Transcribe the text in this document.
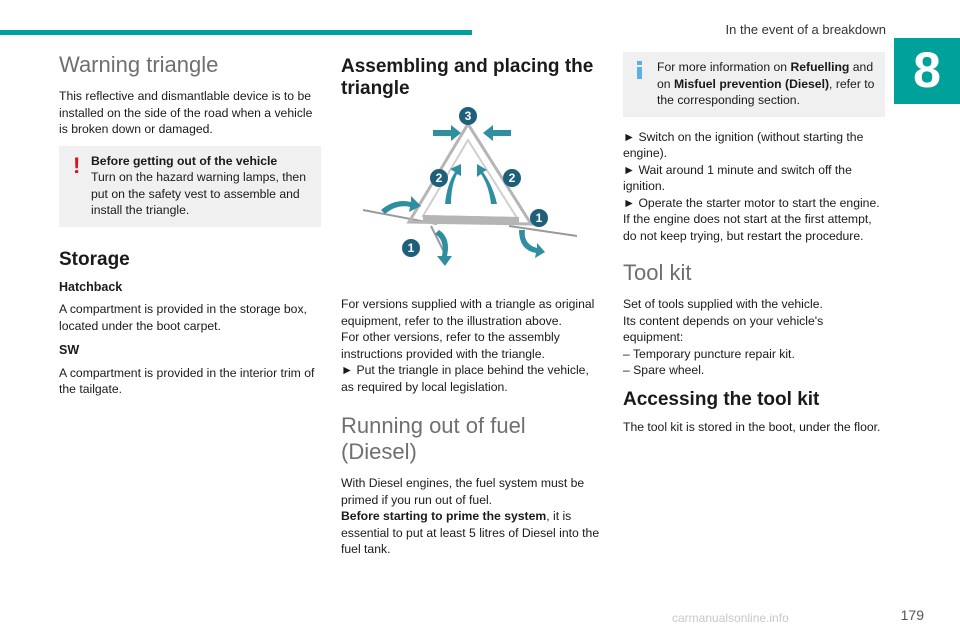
In the event of a breakdown
8
Warning triangle

This reflective and dismantlable device is to be installed on the side of the road when a vehicle is broken down or damaged.

! Before getting out of the vehicle
Turn on the hazard warning lamps, then put on the safety vest to assemble and install the triangle.
Storage
Hatchback

A compartment is provided in the storage box, located under the boot carpet.

SW

A compartment is provided in the interior trim of the tailgate.

Assembling and placing the triangle
3
2	2
1
1

For versions supplied with a triangle as original equipment, refer to the illustration above.

For other versions, refer to the assembly instructions provided with the triangle.

► Put the triangle in place behind the vehicle, as required by local legislation.

Running out of fuel (Diesel)

With Diesel engines, the fuel system must be primed if you run out of fuel.

Before starting to prime the system, it is essential to put at least 5 litres of Diesel into the fuel tank.

For more information on Refuelling and on Misfuel prevention (Diesel), refer to the corresponding section.

► Switch on the ignition (without starting the engine).

► Wait around 1 minute and switch off the ignition.

► Operate the starter motor to start the engine.

If the engine does not start at the first attempt, do not keep trying, but restart the procedure.

Tool kit

Set of tools supplied with the vehicle.

Its content depends on your vehicle's equipment:

– Temporary puncture repair kit.

– Spare wheel.

Accessing the tool kit

The tool kit is stored in the boot, under the floor.

carmanualsonline.info	179
